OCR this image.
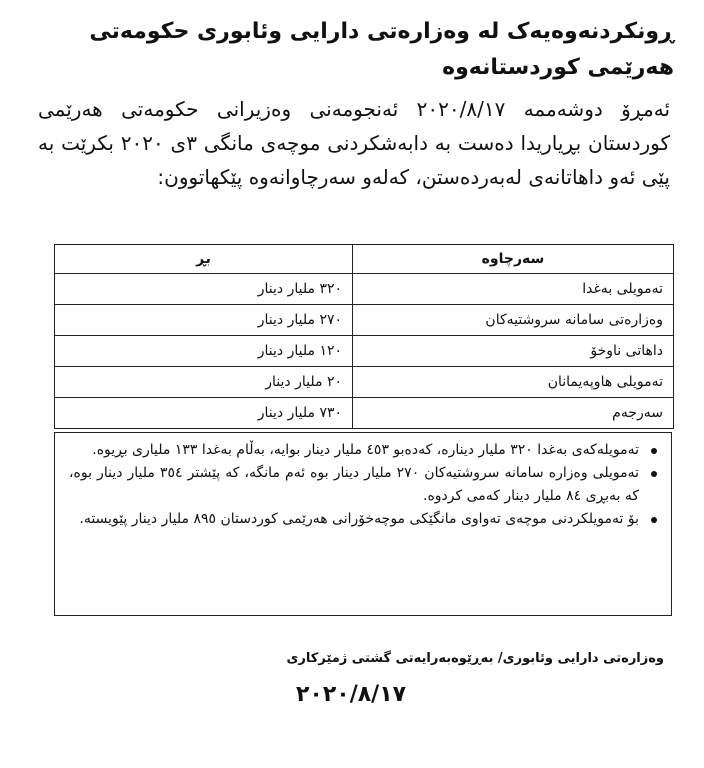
ڕونکردنەوەیەک لە وەزارەتی دارایی وئابوری حکومەتی هەرێمی کوردستانەوە
ئەمڕۆ دوشەممە ٢٠٢٠/٨/١٧ ئەنجومەنی وەزیرانی حکومەتی هەرێمی کوردستان بڕیاریدا دەست بە دابەشکردنی موچەی مانگی ٣ی ٢٠٢٠ بکرێت بە پێی ئەو داهاتانەی لەبەردەستن، کەلەو سەرچاوانەوە پێکهاتوون:
سەرچاوە	بڕ
تەمویلی بەغدا	٣٢٠ ملیار دینار
وەزارەتی سامانە سروشتیەکان	٢٧٠ ملیار دینار
داهاتی ناوخۆ	١٢٠ ملیار دینار
تەمویلی هاوپەیمانان	٢٠ ملیار دینار
سەرجەم	٧٣٠ ملیار دینار
تەمویلەکەی بەغدا ٣٢٠ ملیار دینارە، کەدەبو ٤٥٣ ملیار دینار بوایە، بەڵام بەغدا ١٣٣ ملیاری بڕیوە.
تەمویلی وەزارە سامانە سروشتیەکان ٢٧٠ ملیار دینار بوە ئەم مانگە، کە پێشتر ٣٥٤ ملیار دینار بوە، کە بەبڕی ٨٤ ملیار دینار کەمی کردوە.
بۆ تەمویلکردنی موچەی تەواوی مانگێکی موچەخۆرانی هەرێمی کوردستان ٨٩٥ ملیار دینار پێویستە.
وەزارەتی دارایی وئابوری/ بەڕێوەبەرایەتی گشتی ژمێرکاری
٢٠٢٠/٨/١٧
